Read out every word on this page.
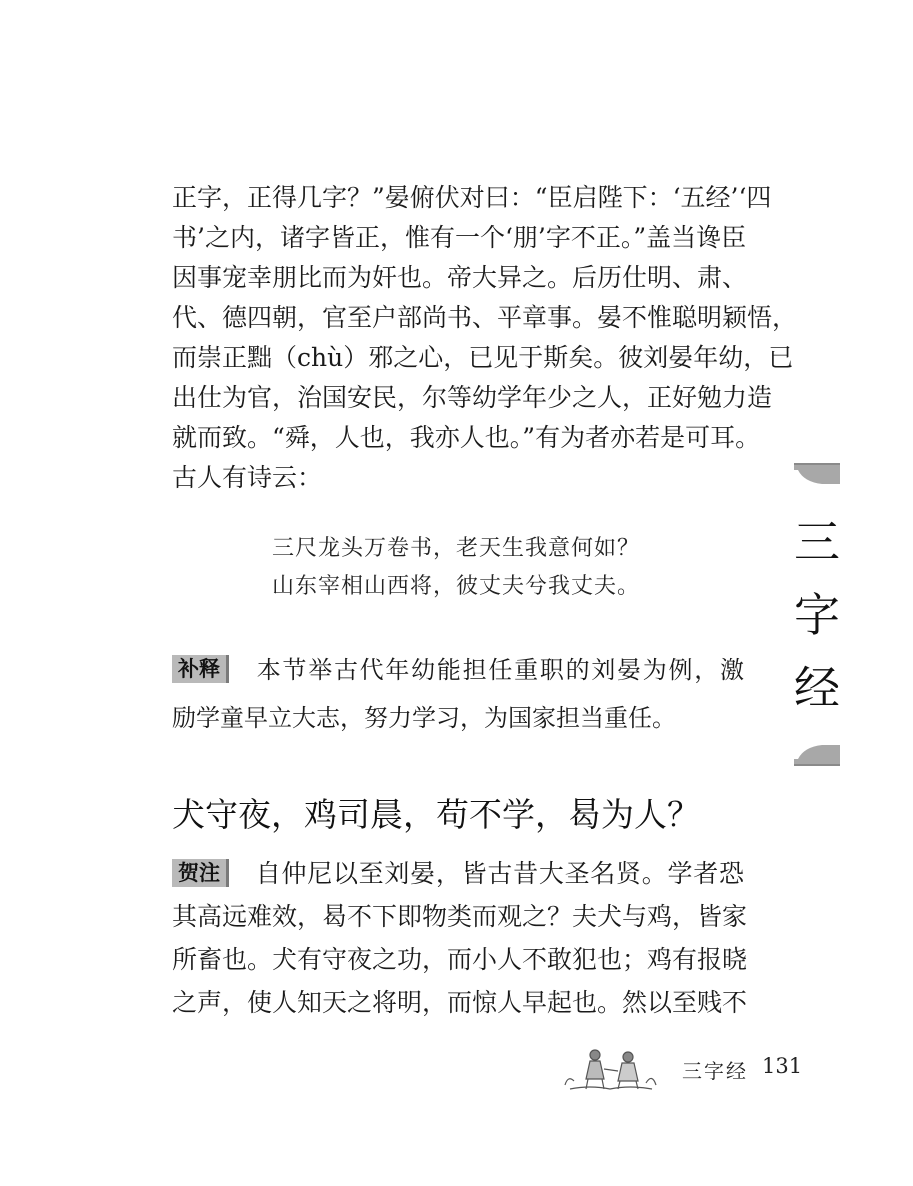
正字，正得几字？”晏俯伏对曰：“臣启陛下：‘五经’‘四
书’之内，诸字皆正，惟有一个‘朋’字不正。”盖当谗臣
因事宠幸朋比而为奸也。帝大异之。后历仕明、肃、
代、德四朝，官至户部尚书、平章事。晏不惟聪明颖悟，
而崇正黜（chù）邪之心，已见于斯矣。彼刘晏年幼，已
出仕为官，治国安民，尔等幼学年少之人，正好勉力造
就而致。“舜，人也，我亦人也。”有为者亦若是可耳。
古人有诗云：
三尺龙头万卷书，老天生我意何如？
山东宰相山西将，彼丈夫兮我丈夫。
补释 本节举古代年幼能担任重职的刘晏为例，激
励学童早立大志，努力学习，为国家担当重任。
犬守夜，鸡司晨，苟不学，曷为人？
贺注 自仲尼以至刘晏，皆古昔大圣名贤。学者恐
其高远难效，曷不下即物类而观之？夫犬与鸡，皆家
所畜也。犬有守夜之功，而小人不敢犯也；鸡有报晓
之声，使人知天之将明，而惊人早起也。然以至贱不
三
字
经
三字经 131
